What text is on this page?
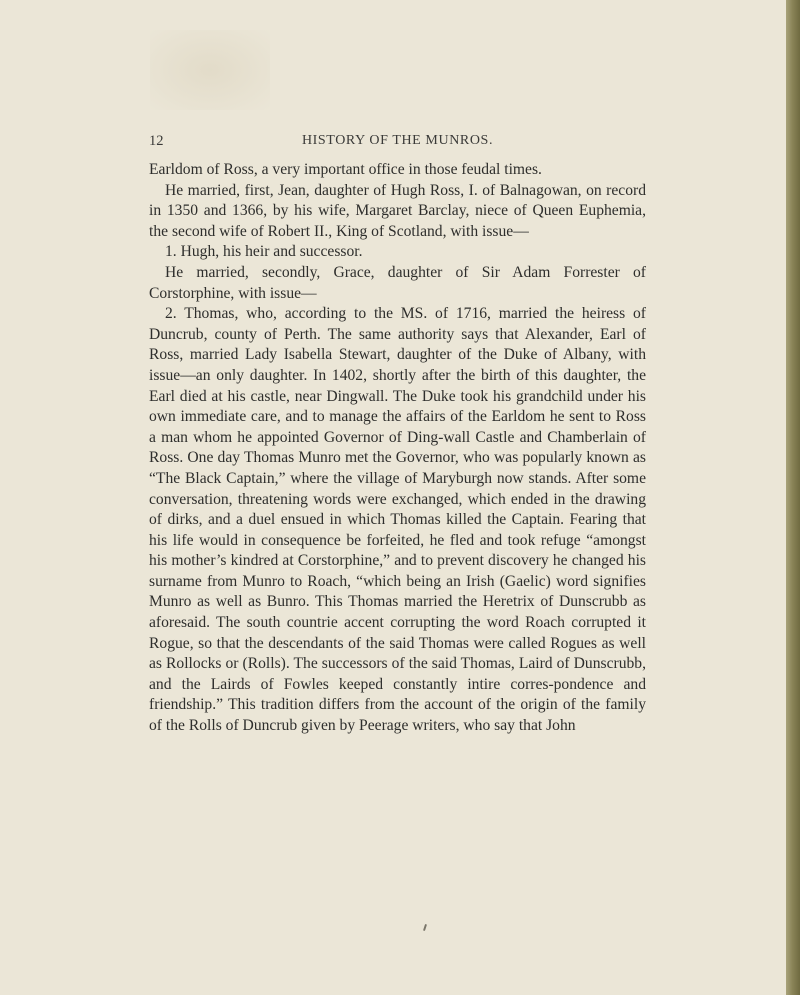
12	HISTORY OF THE MUNROS.

Earldom of Ross, a very important office in those feudal times.

He married, first, Jean, daughter of Hugh Ross, I. of Balnagowan, on record in 1350 and 1366, by his wife, Margaret Barclay, niece of Queen Euphemia, the second wife of Robert II., King of Scotland, with issue—

1. Hugh, his heir and successor.

He married, secondly, Grace, daughter of Sir Adam Forrester of Corstorphine, with issue—

2. Thomas, who, according to the MS. of 1716, married the heiress of Duncrub, county of Perth. The same authority says that Alexander, Earl of Ross, married Lady Isabella Stewart, daughter of the Duke of Albany, with issue—an only daughter. In 1402, shortly after the birth of this daughter, the Earl died at his castle, near Dingwall. The Duke took his grandchild under his own immediate care, and to manage the affairs of the Earldom he sent to Ross a man whom he appointed Governor of Ding-wall Castle and Chamberlain of Ross. One day Thomas Munro met the Governor, who was popularly known as “The Black Captain,” where the village of Maryburgh now stands. After some conversation, threatening words were exchanged, which ended in the drawing of dirks, and a duel ensued in which Thomas killed the Captain. Fearing that his life would in consequence be forfeited, he fled and took refuge “amongst his mother’s kindred at Corstorphine,” and to prevent discovery he changed his surname from Munro to Roach, “which being an Irish (Gaelic) word signifies Munro as well as Bunro. This Thomas married the Heretrix of Dunscrubb as aforesaid. The south countrie accent corrupting the word Roach corrupted it Rogue, so that the descendants of the said Thomas were called Rogues as well as Rollocks or (Rolls). The successors of the said Thomas, Laird of Dunscrubb, and the Lairds of Fowles keeped constantly intire corres-pondence and friendship.” This tradition differs from the account of the origin of the family of the Rolls of Duncrub given by Peerage writers, who say that John
